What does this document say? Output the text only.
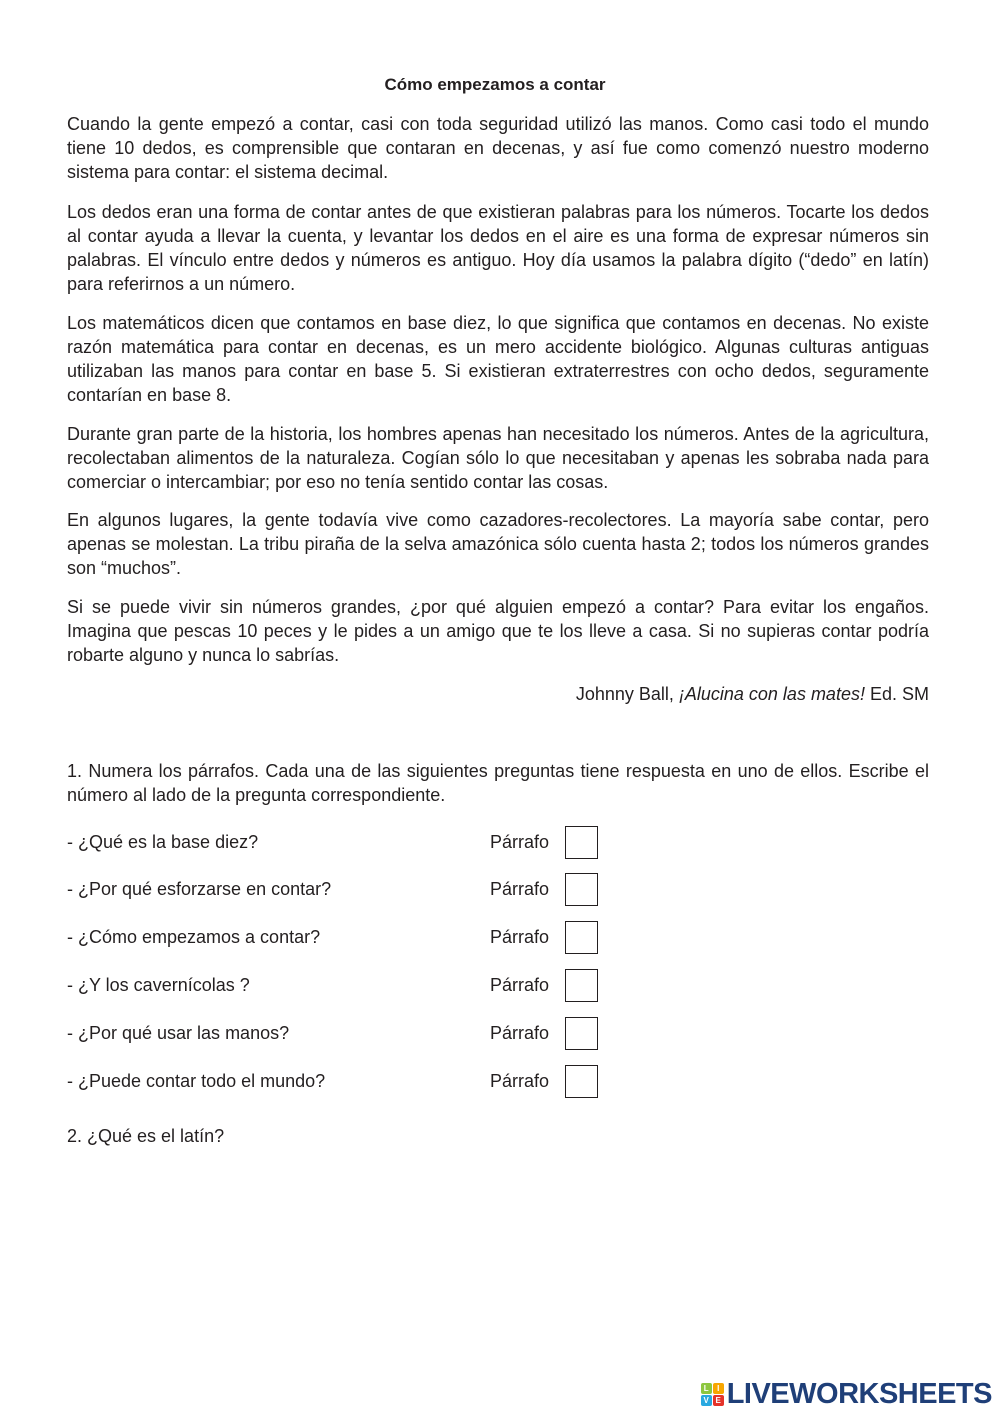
Cómo empezamos a contar
Cuando la gente empezó a contar, casi con toda seguridad utilizó las manos. Como casi todo el mundo tiene 10 dedos, es comprensible que contaran en decenas, y así fue como comenzó nuestro moderno sistema para contar: el sistema decimal.
Los dedos eran una forma de contar antes de que existieran palabras para los números. Tocarte los dedos al contar ayuda a llevar la cuenta, y levantar los dedos en el aire es una forma de expresar números sin palabras. El vínculo entre dedos y números es antiguo. Hoy día usamos la palabra dígito (“dedo” en latín) para referirnos a un número.
Los matemáticos dicen que contamos en base diez, lo que significa que contamos en decenas. No existe razón matemática para contar en decenas, es un mero accidente biológico. Algunas culturas antiguas utilizaban las manos para contar en base 5. Si existieran extraterrestres con ocho dedos, seguramente contarían en base 8.
Durante gran parte de la historia, los hombres apenas han necesitado los números. Antes de la agricultura, recolectaban alimentos de la naturaleza. Cogían sólo lo que necesitaban y apenas les sobraba nada para comerciar o intercambiar; por eso no tenía sentido contar las cosas.
En algunos lugares, la gente todavía vive como cazadores-recolectores. La mayoría sabe contar, pero apenas se molestan. La tribu piraña de la selva amazónica sólo cuenta hasta 2; todos los números grandes son “muchos”.
Si se puede vivir sin números grandes, ¿por qué alguien empezó a contar? Para evitar los engaños. Imagina que pescas 10 peces y le pides a un amigo que te los lleve a casa. Si no supieras contar podría robarte alguno y nunca lo sabrías.
Johnny Ball, ¡Alucina con las mates! Ed. SM
1. Numera los párrafos. Cada una de las siguientes preguntas tiene respuesta en uno de ellos. Escribe el número al lado de la pregunta correspondiente.
- ¿Qué es la base diez?	Párrafo
- ¿Por qué esforzarse en contar?	Párrafo
- ¿Cómo empezamos a contar?	Párrafo
- ¿Y los cavernícolas ?	Párrafo
- ¿Por qué usar las manos?	Párrafo
- ¿Puede contar todo el mundo?	Párrafo
2. ¿Qué es el latín?
L	I
V E LIVEWORKSHEETS
